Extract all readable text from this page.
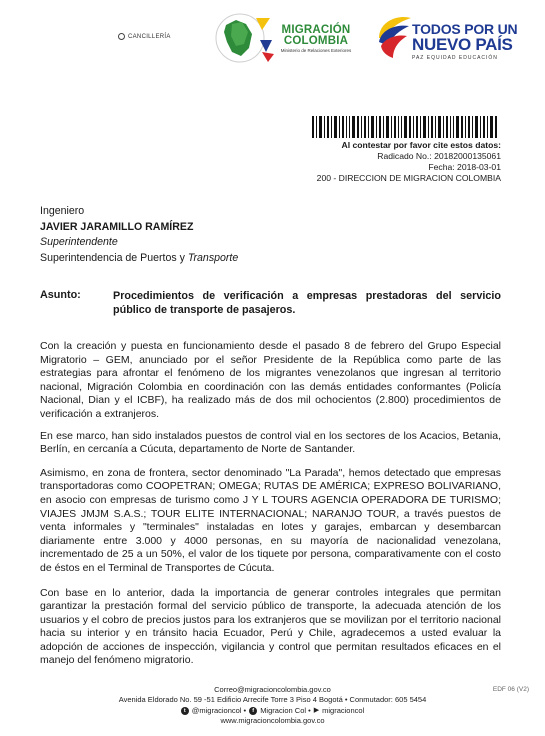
CANCILLERÍA
MIGRACIÓN
COLOMBIA
Ministerio de Relaciones Exteriores
TODOS POR UN
NUEVO PAÍS
PAZ EQUIDAD EDUCACIÓN
Al contestar por favor cite estos datos:
Radicado No.: 20182000135061
Fecha: 2018-03-01
200 - DIRECCION DE MIGRACION COLOMBIA
Ingeniero
JAVIER JARAMILLO RAMÍREZ
Superintendente
Superintendencia de Puertos y Transporte
Asunto:	Procedimientos de verificación a empresas prestadoras del servicio público de transporte de pasajeros.

Con la creación y puesta en funcionamiento desde el pasado 8 de febrero del Grupo Especial Migratorio – GEM, anunciado por el señor Presidente de la República como parte de las estrategias para afrontar el fenómeno de los migrantes venezolanos que ingresan al territorio nacional, Migración Colombia en coordinación con las demás entidades conformantes (Policía Nacional, Dian y el ICBF), ha realizado más de dos mil ochocientos (2.800) procedimientos de verificación a extranjeros.

En ese marco, han sido instalados puestos de control vial en los sectores de los Acacios, Betania, Berlín, en cercanía a Cúcuta, departamento de Norte de Santander.

Asimismo, en zona de frontera, sector denominado "La Parada", hemos detectado que empresas transportadoras como COOPETRAN; OMEGA; RUTAS DE AMÉRICA; EXPRESO BOLIVARIANO, en asocio con empresas de turismo como J Y L TOURS AGENCIA OPERADORA DE TURISMO; VIAJES JMJM S.A.S.; TOUR ELITE INTERNACIONAL; NARANJO TOUR, a través puestos de venta informales y "terminales" instaladas en lotes y garajes, embarcan y desembarcan diariamente entre 3.000 y 4000 personas, en su mayoría de nacionalidad venezolana, incrementado de 25 a un 50%, el valor de los tiquete por persona, comparativamente con el costo de éstos en el Terminal de Transportes de Cúcuta.

Con base en lo anterior, dada la importancia de generar controles integrales que permitan garantizar la prestación formal del servicio público de transporte, la adecuada atención de los usuarios y el cobro de precios justos para los extranjeros que se movilizan por el territorio nacional hacia su interior y en tránsito hacia Ecuador, Perú y Chile, agradecemos a usted evaluar la adopción de acciones de inspección, vigilancia y control que permitan resultados eficaces en el manejo del fenómeno migratorio.

Correo@migracioncolombia.gov.co
Avenida Eldorado No. 59 -51 Edificio Arrecife Torre 3 Piso 4 Bogotá • Conmutador: 605 5454
t @migracioncol •	f Migracion Col • ▶ migracioncol
www.migracioncolombia.gov.co
EDF 06 (V2)
